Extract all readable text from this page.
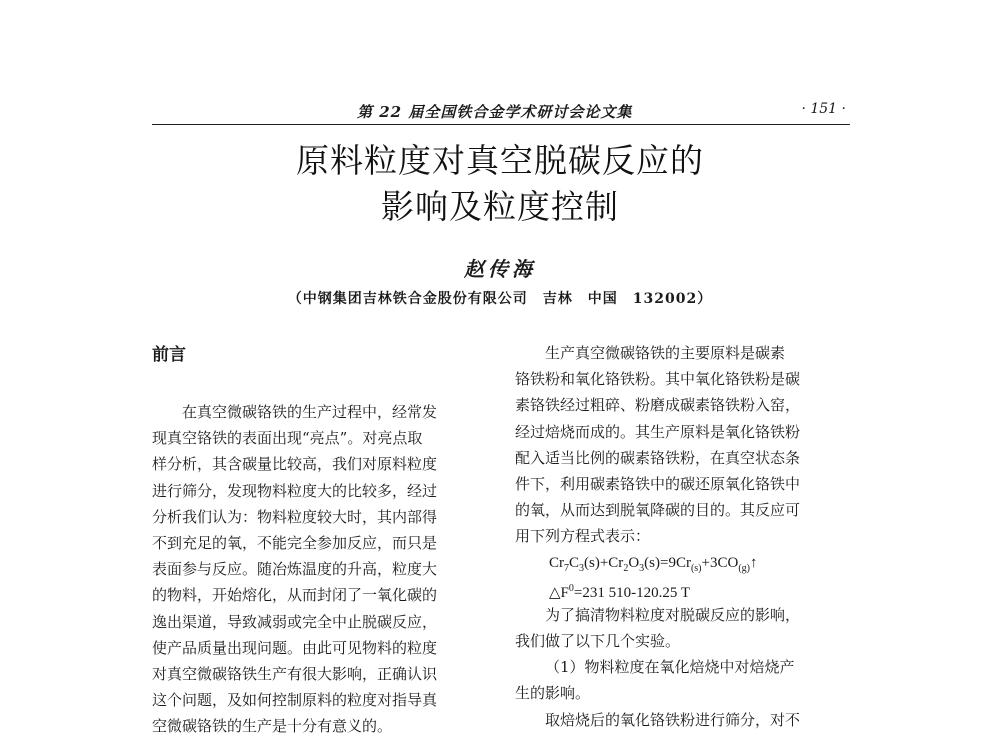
第 22 届全国铁合金学术研讨会论文集	· 151 ·
原料粒度对真空脱碳反应的
影响及粒度控制
赵传海
（中钢集团吉林铁合金股份有限公司　吉林　中国　132002）
前言
在真空微碳铬铁的生产过程中，经常发
现真空铬铁的表面出现“亮点”。对亮点取
样分析，其含碳量比较高，我们对原料粒度
进行筛分，发现物料粒度大的比较多，经过
分析我们认为：物料粒度较大时，其内部得
不到充足的氧，不能完全参加反应，而只是
表面参与反应。随冶炼温度的升高，粒度大
的物料，开始熔化，从而封闭了一氧化碳的
逸出渠道，导致减弱或完全中止脱碳反应，
使产品质量出现问题。由此可见物料的粒度
对真空微碳铬铁生产有很大影响，正确认识
这个问题，及如何控制原料的粒度对指导真
空微碳铬铁的生产是十分有意义的。
生产真空微碳铬铁的主要原料是碳素
铬铁粉和氧化铬铁粉。其中氧化铬铁粉是碳
素铬铁经过粗碎、粉磨成碳素铬铁粉入窑，
经过焙烧而成的。其生产原料是氧化铬铁粉
配入适当比例的碳素铬铁粉，在真空状态条
件下，利用碳素铬铁中的碳还原氧化铬铁中
的氧，从而达到脱氧降碳的目的。其反应可
用下列方程式表示：
$Cr_7C_3(s)+Cr_2O_3(s)=9Cr_{(s)}+3CO_{(g)}↑$
$\triangle F^0=231$ 510-120.25 T
为了搞清物料粒度对脱碳反应的影响，
我们做了以下几个实验。
（1）物料粒度在氧化焙烧中对焙烧产
生的影响。
取焙烧后的氧化铬铁粉进行筛分，对不
